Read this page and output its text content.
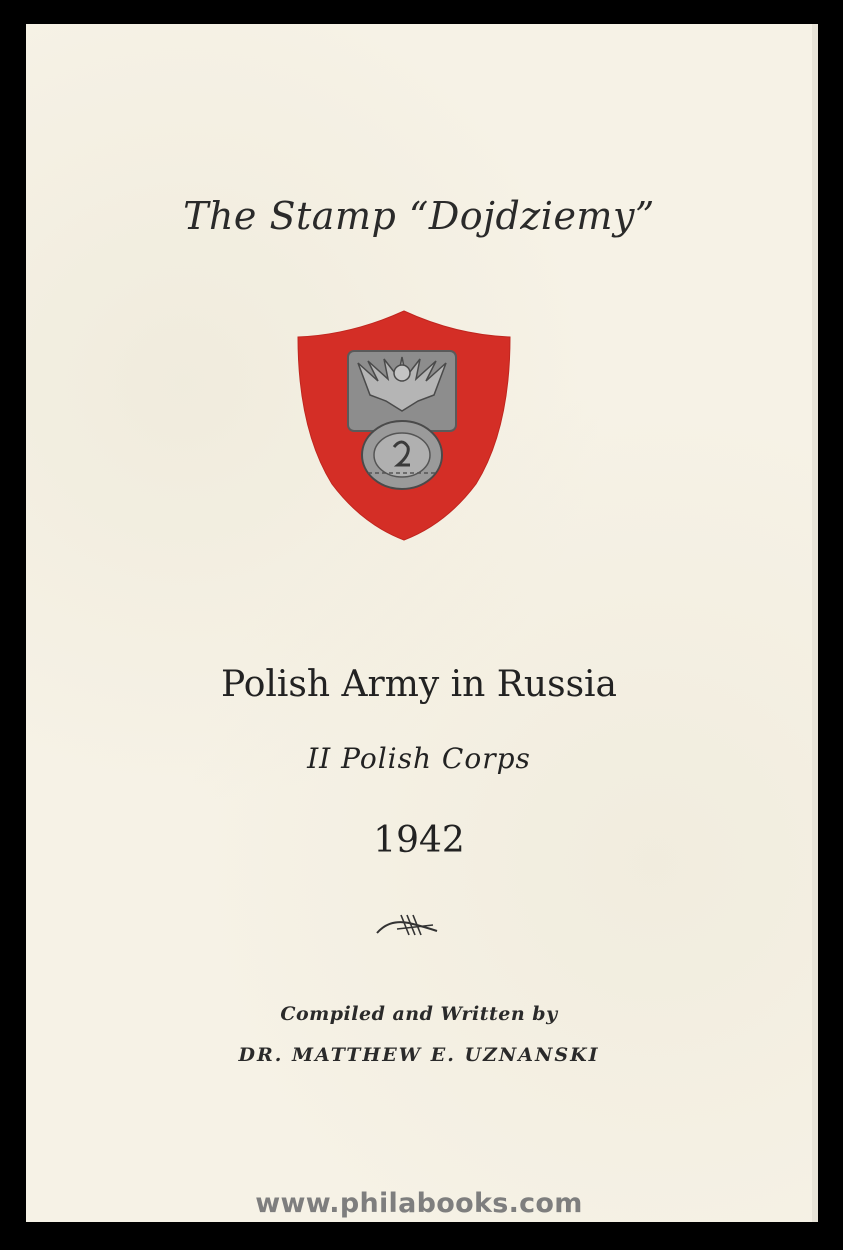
The Stamp “Dojdziemy”
Polish Army in Russia
II Polish Corps
1942
Compiled and Written by
DR. MATTHEW E. UZNANSKI
www.philabooks.com
